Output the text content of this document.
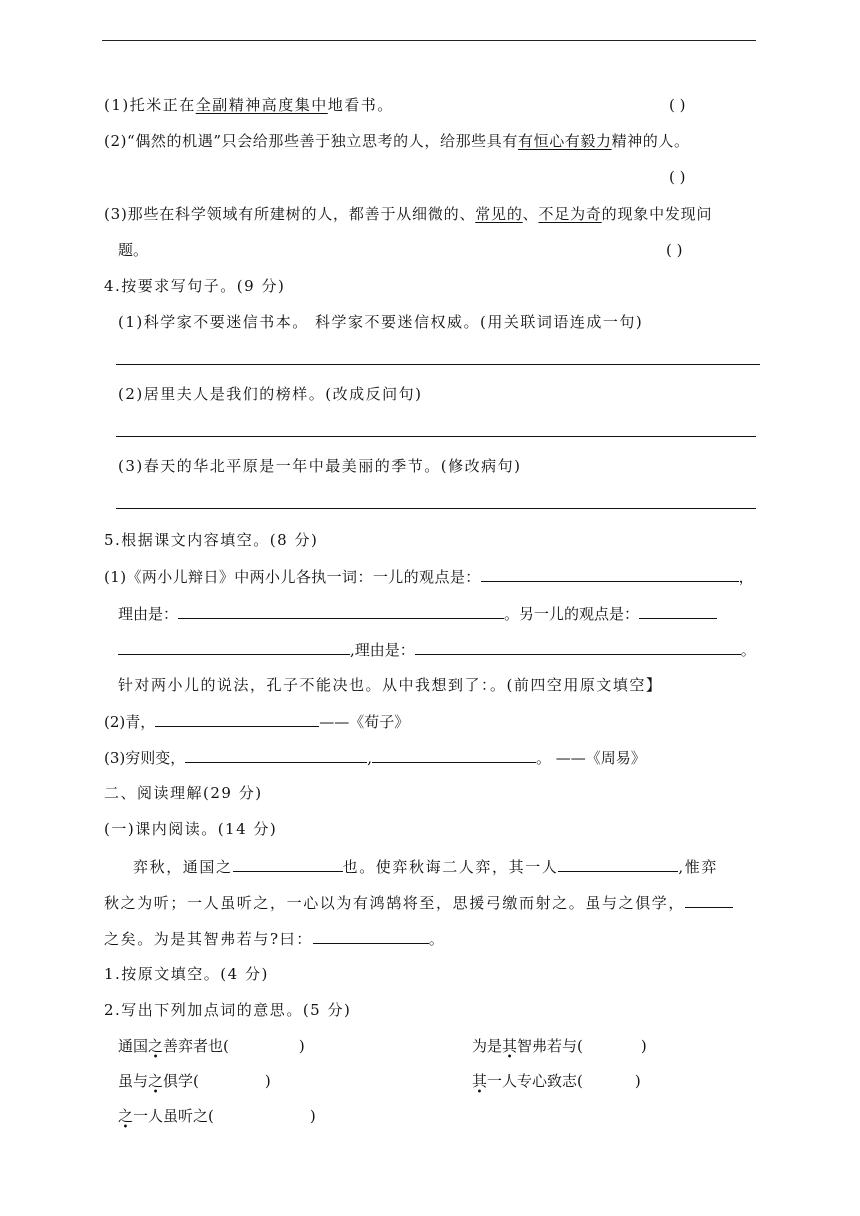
(1)托米正在全副精神高度集中地看书。	( )
(2)“偶然的机遇”只会给那些善于独立思考的人，给那些具有有恒心有毅力精神的人。
( )
(3)那些在科学领域有所建树的人，都善于从细微的、常见的、不足为奇的现象中发现问
题。	( )
4.按要求写句子。(9 分)
(1)科学家不要迷信书本。 科学家不要迷信权威。(用关联词语连成一句)
(2)居里夫人是我们的榜样。(改成反问句)
(3)春天的华北平原是一年中最美丽的季节。(修改病句)
5.根据课文内容填空。(8 分)
(1)《两小儿辩日》中两小儿各执一词：一儿的观点是：	，
理由是：	。另一儿的观点是：
,理由是：	。
针对两小儿的说法，孔子不能决也。从中我想到了：。(前四空用原文填空】
(2)青，	——《荀子》
(3)穷则变，	,	。 ——《周易》
二、阅读理解(29 分)
(一)课内阅读。(14 分)
弈秋，通国之	也。使弈秋诲二人弈，其一人	,惟弈
秋之为听；一人虽听之，一心以为有鸿鹄将至，思援弓缴而射之。虽与之俱学，
之矣。为是其智弗若与?曰：	。
1.按原文填空。(4 分)
2.写出下列加点词的意思。(5 分)
通国之善弈者也(	)	为是其智弗若与(	)
虽与之俱学(	)	其一人专心致志(	)
之一人虽听之(	)
